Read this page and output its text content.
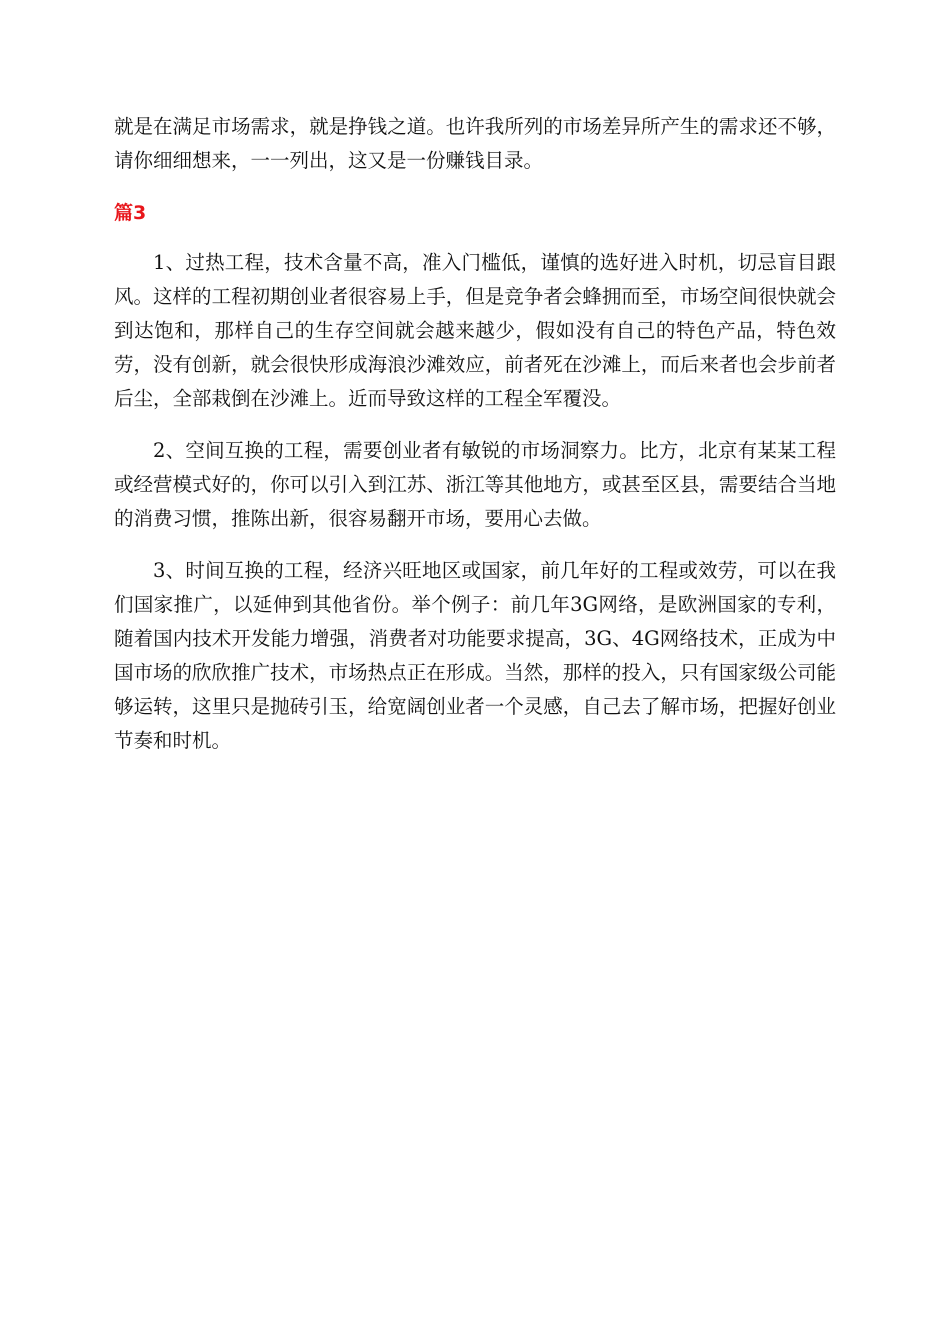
就是在满足市场需求，就是挣钱之道。也许我所列的市场差异所产生的需求还不够，请你细细想来，一一列出，这又是一份赚钱目录。

篇3

1、过热工程，技术含量不高，准入门槛低，谨慎的选好进入时机，切忌盲目跟风。这样的工程初期创业者很容易上手，但是竞争者会蜂拥而至，市场空间很快就会到达饱和，那样自己的生存空间就会越来越少，假如没有自己的特色产品，特色效劳，没有创新，就会很快形成海浪沙滩效应，前者死在沙滩上，而后来者也会步前者后尘，全部栽倒在沙滩上。近而导致这样的工程全军覆没。

2、空间互换的工程，需要创业者有敏锐的市场洞察力。比方，北京有某某工程或经营模式好的，你可以引入到江苏、浙江等其他地方，或甚至区县，需要结合当地的消费习惯，推陈出新，很容易翻开市场，要用心去做。

3、时间互换的工程，经济兴旺地区或国家，前几年好的工程或效劳，可以在我们国家推广，以延伸到其他省份。举个例子：前几年3G网络，是欧洲国家的专利，随着国内技术开发能力增强，消费者对功能要求提高，3G、4G网络技术，正成为中国市场的欣欣推广技术，市场热点正在形成。当然，那样的投入，只有国家级公司能够运转，这里只是抛砖引玉，给宽阔创业者一个灵感，自己去了解市场，把握好创业节奏和时机。
